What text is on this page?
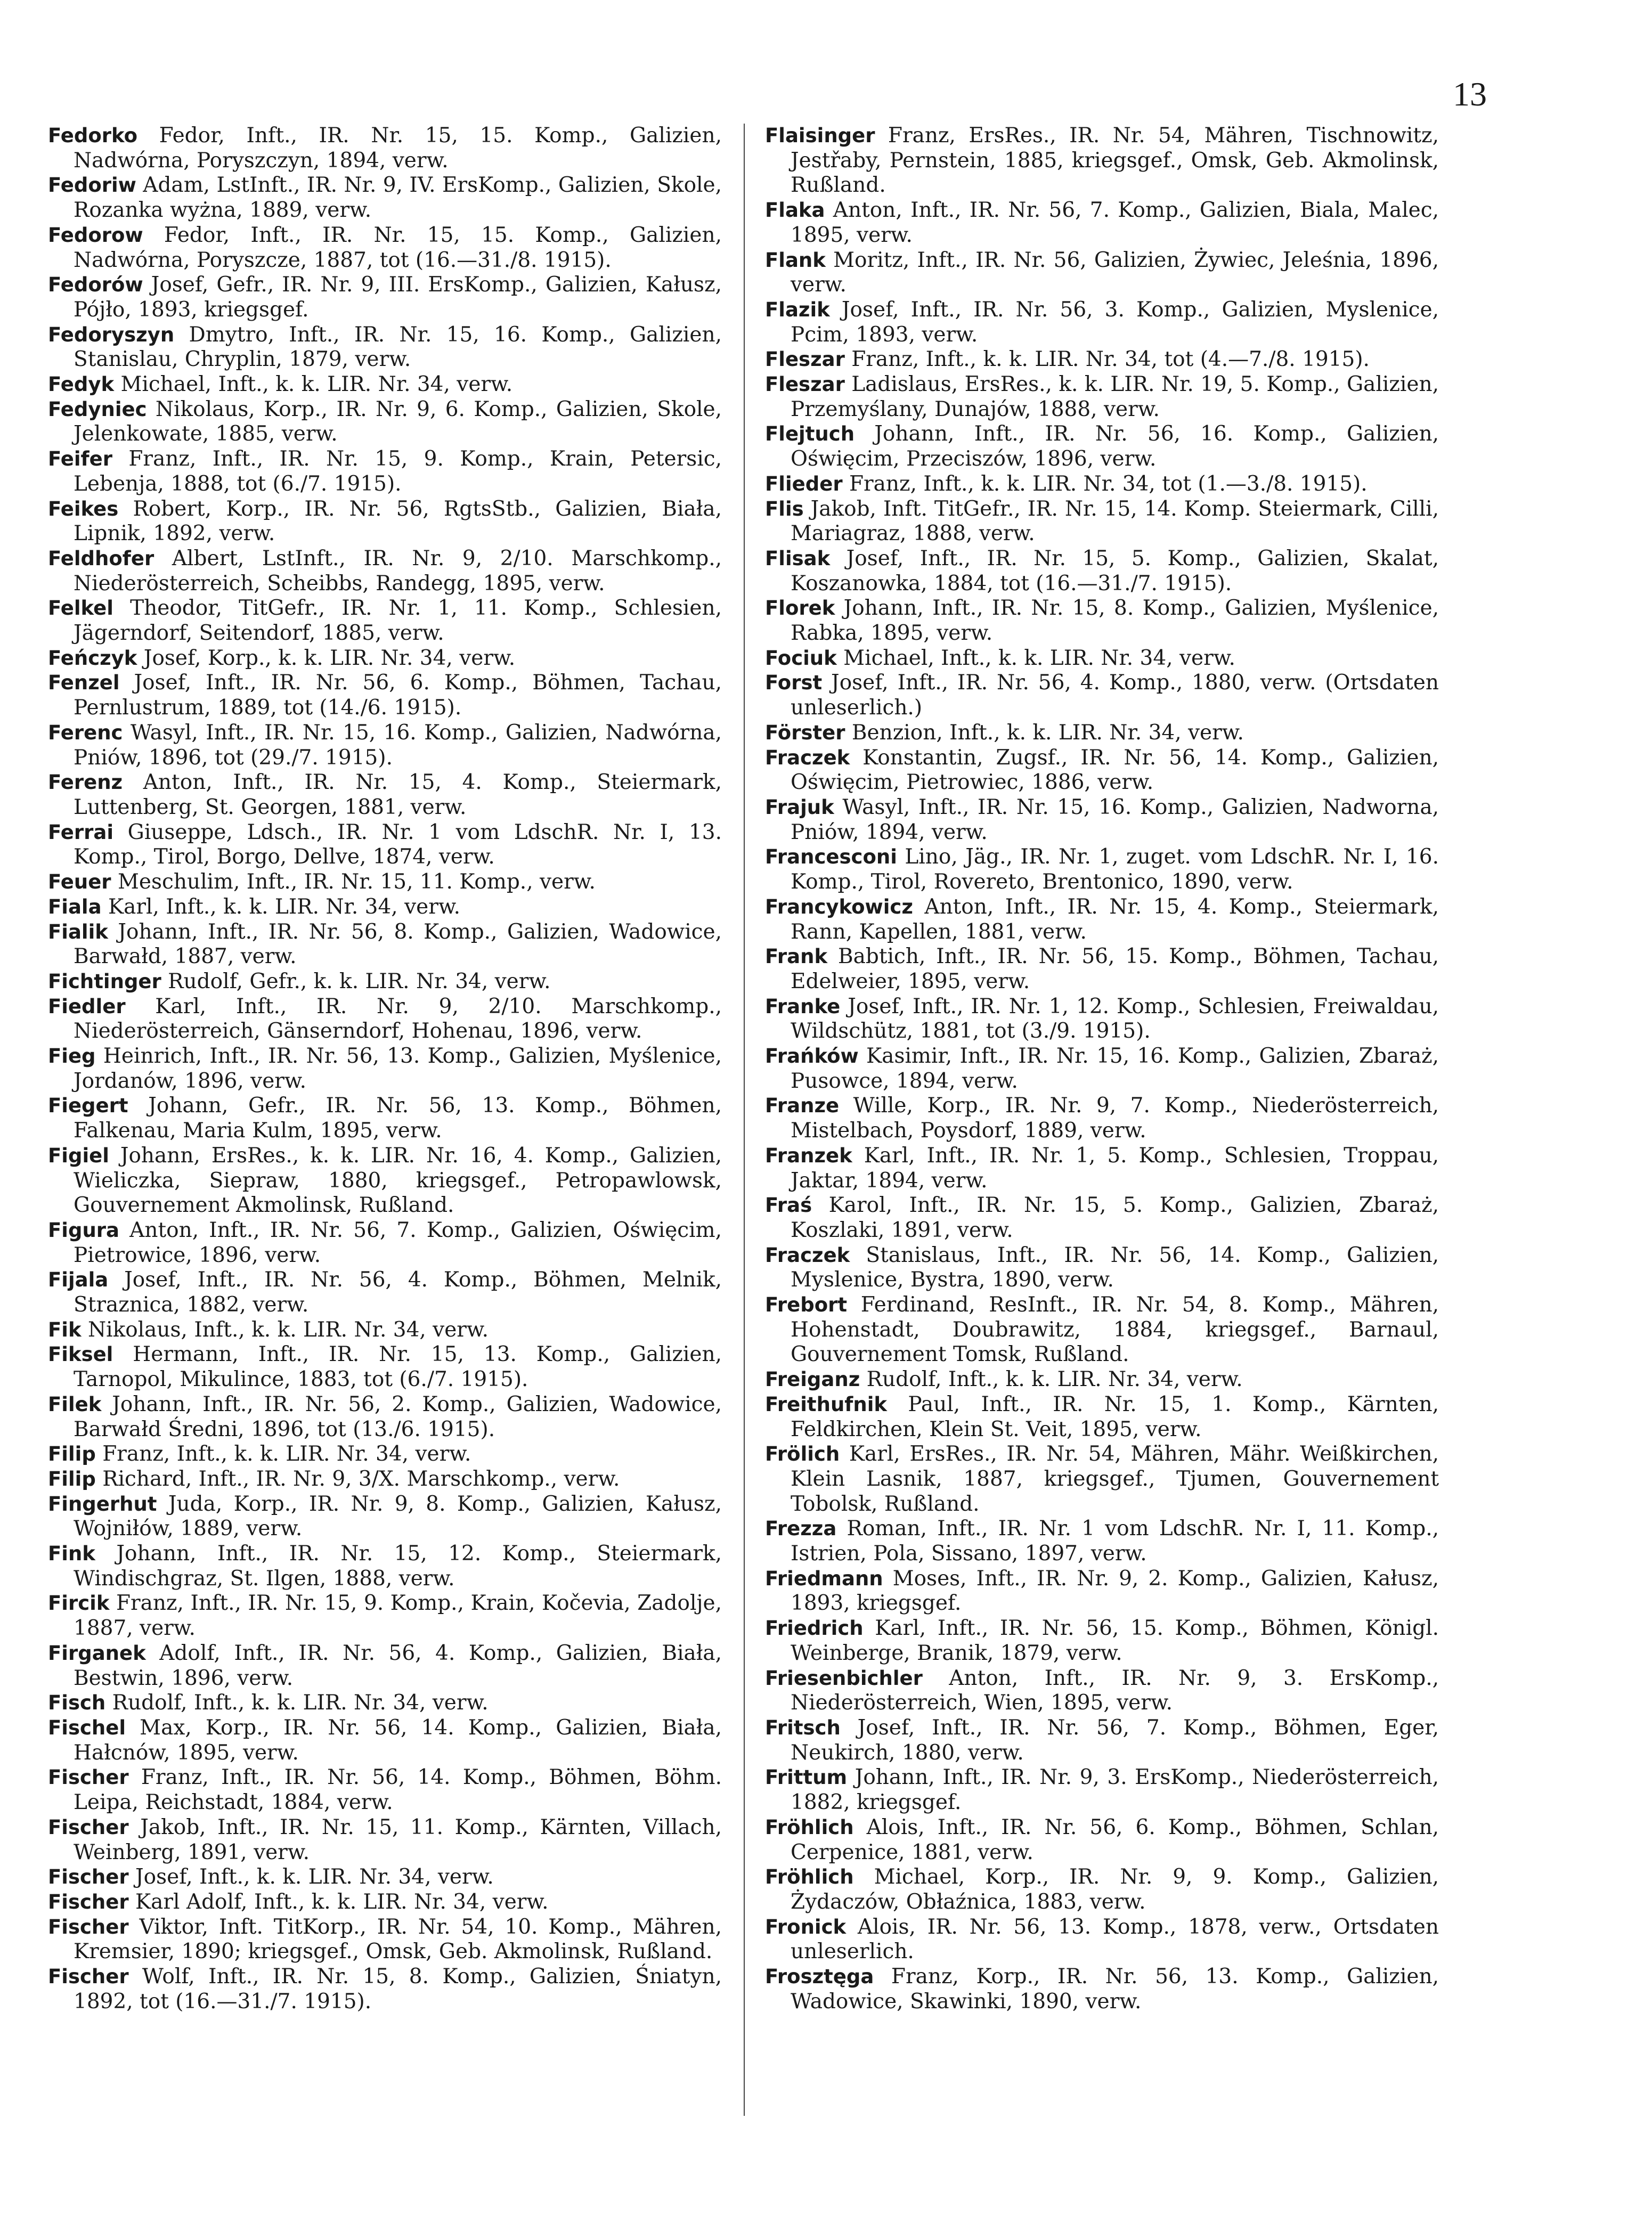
13

Fedorko Fedor, Inft., IR. Nr. 15, 15. Komp., Galizien, Nadwórna, Poryszczyn, 1894, verw.

Fedoriw Adam, LstInft., IR. Nr. 9, IV. ErsKomp., Galizien, Skole, Rozanka wyżna, 1889, verw.

Fedorow Fedor, Inft., IR. Nr. 15, 15. Komp., Galizien, Nadwórna, Poryszcze, 1887, tot (16.—31./8. 1915).

Fedorów Josef, Gefr., IR. Nr. 9, III. ErsKomp., Galizien, Kałusz, Pójło, 1893, kriegsgef.

Fedoryszyn Dmytro, Inft., IR. Nr. 15, 16. Komp., Galizien, Stanislau, Chryplin, 1879, verw.

Fedyk Michael, Inft., k. k. LIR. Nr. 34, verw.

Fedyniec Nikolaus, Korp., IR. Nr. 9, 6. Komp., Galizien, Skole, Jelenkowate, 1885, verw.

Feifer Franz, Inft., IR. Nr. 15, 9. Komp., Krain, Petersic, Lebenja, 1888, tot (6./7. 1915).

Feikes Robert, Korp., IR. Nr. 56, RgtsStb., Galizien, Biała, Lipnik, 1892, verw.

Feldhofer Albert, LstInft., IR. Nr. 9, 2/10. Marschkomp., Niederösterreich, Scheibbs, Randegg, 1895, verw.

Felkel Theodor, TitGefr., IR. Nr. 1, 11. Komp., Schlesien, Jägerndorf, Seitendorf, 1885, verw.

Feńczyk Josef, Korp., k. k. LIR. Nr. 34, verw.

Fenzel Josef, Inft., IR. Nr. 56, 6. Komp., Böhmen, Tachau, Pernlustrum, 1889, tot (14./6. 1915).

Ferenc Wasyl, Inft., IR. Nr. 15, 16. Komp., Galizien, Nadwórna, Pniów, 1896, tot (29./7. 1915).

Ferenz Anton, Inft., IR. Nr. 15, 4. Komp., Steiermark, Luttenberg, St. Georgen, 1881, verw.

Ferrai Giuseppe, Ldsch., IR. Nr. 1 vom LdschR. Nr. I, 13. Komp., Tirol, Borgo, Dellve, 1874, verw.

Feuer Meschulim, Inft., IR. Nr. 15, 11. Komp., verw.

Fiala Karl, Inft., k. k. LIR. Nr. 34, verw.

Fialik Johann, Inft., IR. Nr. 56, 8. Komp., Galizien, Wadowice, Barwałd, 1887, verw.

Fichtinger Rudolf, Gefr., k. k. LIR. Nr. 34, verw.

Fiedler Karl, Inft., IR. Nr. 9, 2/10. Marschkomp., Niederösterreich, Gänserndorf, Hohenau, 1896, verw.

Fieg Heinrich, Inft., IR. Nr. 56, 13. Komp., Galizien, Myślenice, Jordanów, 1896, verw.

Fiegert Johann, Gefr., IR. Nr. 56, 13. Komp., Böhmen, Falkenau, Maria Kulm, 1895, verw.

Figiel Johann, ErsRes., k. k. LIR. Nr. 16, 4. Komp., Galizien, Wieliczka, Siepraw, 1880, kriegsgef., Petropawlowsk, Gouvernement Akmolinsk, Rußland.

Figura Anton, Inft., IR. Nr. 56, 7. Komp., Galizien, Oświęcim, Pietrowice, 1896, verw.

Fijala Josef, Inft., IR. Nr. 56, 4. Komp., Böhmen, Melnik, Straznica, 1882, verw.

Fik Nikolaus, Inft., k. k. LIR. Nr. 34, verw.

Fiksel Hermann, Inft., IR. Nr. 15, 13. Komp., Galizien, Tarnopol, Mikulince, 1883, tot (6./7. 1915).

Filek Johann, Inft., IR. Nr. 56, 2. Komp., Galizien, Wadowice, Barwałd Średni, 1896, tot (13./6. 1915).

Filip Franz, Inft., k. k. LIR. Nr. 34, verw.

Filip Richard, Inft., IR. Nr. 9, 3/X. Marschkomp., verw.

Fingerhut Juda, Korp., IR. Nr. 9, 8. Komp., Galizien, Kałusz, Wojniłów, 1889, verw.

Fink Johann, Inft., IR. Nr. 15, 12. Komp., Steiermark, Windischgraz, St. Ilgen, 1888, verw.

Fircik Franz, Inft., IR. Nr. 15, 9. Komp., Krain, Kočevia, Zadolje, 1887, verw.

Firganek Adolf, Inft., IR. Nr. 56, 4. Komp., Galizien, Biała, Bestwin, 1896, verw.

Fisch Rudolf, Inft., k. k. LIR. Nr. 34, verw.

Fischel Max, Korp., IR. Nr. 56, 14. Komp., Galizien, Biała, Hałcnów, 1895, verw.

Fischer Franz, Inft., IR. Nr. 56, 14. Komp., Böhmen, Böhm. Leipa, Reichstadt, 1884, verw.

Fischer Jakob, Inft., IR. Nr. 15, 11. Komp., Kärnten, Villach, Weinberg, 1891, verw.

Fischer Josef, Inft., k. k. LIR. Nr. 34, verw.

Fischer Karl Adolf, Inft., k. k. LIR. Nr. 34, verw.

Fischer Viktor, Inft. TitKorp., IR. Nr. 54, 10. Komp., Mähren, Kremsier, 1890; kriegsgef., Omsk, Geb. Akmolinsk, Rußland.

Fischer Wolf, Inft., IR. Nr. 15, 8. Komp., Galizien, Śniatyn, 1892, tot (16.—31./7. 1915).

Flaisinger Franz, ErsRes., IR. Nr. 54, Mähren, Tischnowitz, Jestřaby, Pernstein, 1885, kriegsgef., Omsk, Geb. Akmolinsk, Rußland.

Flaka Anton, Inft., IR. Nr. 56, 7. Komp., Galizien, Biala, Malec, 1895, verw.

Flank Moritz, Inft., IR. Nr. 56, Galizien, Żywiec, Jeleśnia, 1896, verw.

Flazik Josef, Inft., IR. Nr. 56, 3. Komp., Galizien, Myslenice, Pcim, 1893, verw.

Fleszar Franz, Inft., k. k. LIR. Nr. 34, tot (4.—7./8. 1915).

Fleszar Ladislaus, ErsRes., k. k. LIR. Nr. 19, 5. Komp., Galizien, Przemyślany, Dunajów, 1888, verw.

Flejtuch Johann, Inft., IR. Nr. 56, 16. Komp., Galizien, Oświęcim, Przeciszów, 1896, verw.

Flieder Franz, Inft., k. k. LIR. Nr. 34, tot (1.—3./8. 1915).

Flis Jakob, Inft. TitGefr., IR. Nr. 15, 14. Komp. Steiermark, Cilli, Mariagraz, 1888, verw.

Flisak Josef, Inft., IR. Nr. 15, 5. Komp., Galizien, Skalat, Koszanowka, 1884, tot (16.—31./7. 1915).

Florek Johann, Inft., IR. Nr. 15, 8. Komp., Galizien, Myślenice, Rabka, 1895, verw.

Fociuk Michael, Inft., k. k. LIR. Nr. 34, verw.

Forst Josef, Inft., IR. Nr. 56, 4. Komp., 1880, verw. (Ortsdaten unleserlich.)

Förster Benzion, Inft., k. k. LIR. Nr. 34, verw.

Fraczek Konstantin, Zugsf., IR. Nr. 56, 14. Komp., Galizien, Oświęcim, Pietrowiec, 1886, verw.

Frajuk Wasyl, Inft., IR. Nr. 15, 16. Komp., Galizien, Nadworna, Pniów, 1894, verw.

Francesconi Lino, Jäg., IR. Nr. 1, zuget. vom LdschR. Nr. I, 16. Komp., Tirol, Rovereto, Brentonico, 1890, verw.

Francykowicz Anton, Inft., IR. Nr. 15, 4. Komp., Steiermark, Rann, Kapellen, 1881, verw.

Frank Babtich, Inft., IR. Nr. 56, 15. Komp., Böhmen, Tachau, Edelweier, 1895, verw.

Franke Josef, Inft., IR. Nr. 1, 12. Komp., Schlesien, Freiwaldau, Wildschütz, 1881, tot (3./9. 1915).

Frańków Kasimir, Inft., IR. Nr. 15, 16. Komp., Galizien, Zbaraż, Pusowce, 1894, verw.

Franze Wille, Korp., IR. Nr. 9, 7. Komp., Niederösterreich, Mistelbach, Poysdorf, 1889, verw.

Franzek Karl, Inft., IR. Nr. 1, 5. Komp., Schlesien, Troppau, Jaktar, 1894, verw.

Fraś Karol, Inft., IR. Nr. 15, 5. Komp., Galizien, Zbaraż, Koszlaki, 1891, verw.

Fraczek Stanislaus, Inft., IR. Nr. 56, 14. Komp., Galizien, Myslenice, Bystra, 1890, verw.

Frebort Ferdinand, ResInft., IR. Nr. 54, 8. Komp., Mähren, Hohenstadt, Doubrawitz, 1884, kriegsgef., Barnaul, Gouvernement Tomsk, Rußland.

Freiganz Rudolf, Inft., k. k. LIR. Nr. 34, verw.

Freithufnik Paul, Inft., IR. Nr. 15, 1. Komp., Kärnten, Feldkirchen, Klein St. Veit, 1895, verw.

Frölich Karl, ErsRes., IR. Nr. 54, Mähren, Mähr. Weißkirchen, Klein Lasnik, 1887, kriegsgef., Tjumen, Gouvernement Tobolsk, Rußland.

Frezza Roman, Inft., IR. Nr. 1 vom LdschR. Nr. I, 11. Komp., Istrien, Pola, Sissano, 1897, verw.

Friedmann Moses, Inft., IR. Nr. 9, 2. Komp., Galizien, Kałusz, 1893, kriegsgef.

Friedrich Karl, Inft., IR. Nr. 56, 15. Komp., Böhmen, Königl. Weinberge, Branik, 1879, verw.

Friesenbichler Anton, Inft., IR. Nr. 9, 3. ErsKomp., Niederösterreich, Wien, 1895, verw.

Fritsch Josef, Inft., IR. Nr. 56, 7. Komp., Böhmen, Eger, Neukirch, 1880, verw.

Frittum Johann, Inft., IR. Nr. 9, 3. ErsKomp., Niederösterreich, 1882, kriegsgef.

Fröhlich Alois, Inft., IR. Nr. 56, 6. Komp., Böhmen, Schlan, Cerpenice, 1881, verw.

Fröhlich Michael, Korp., IR. Nr. 9, 9. Komp., Galizien, Żydaczów, Obłaźnica, 1883, verw.

Fronick Alois, IR. Nr. 56, 13. Komp., 1878, verw., Ortsdaten unleserlich.

Frosztęga Franz, Korp., IR. Nr. 56, 13. Komp., Galizien, Wadowice, Skawinki, 1890, verw.
